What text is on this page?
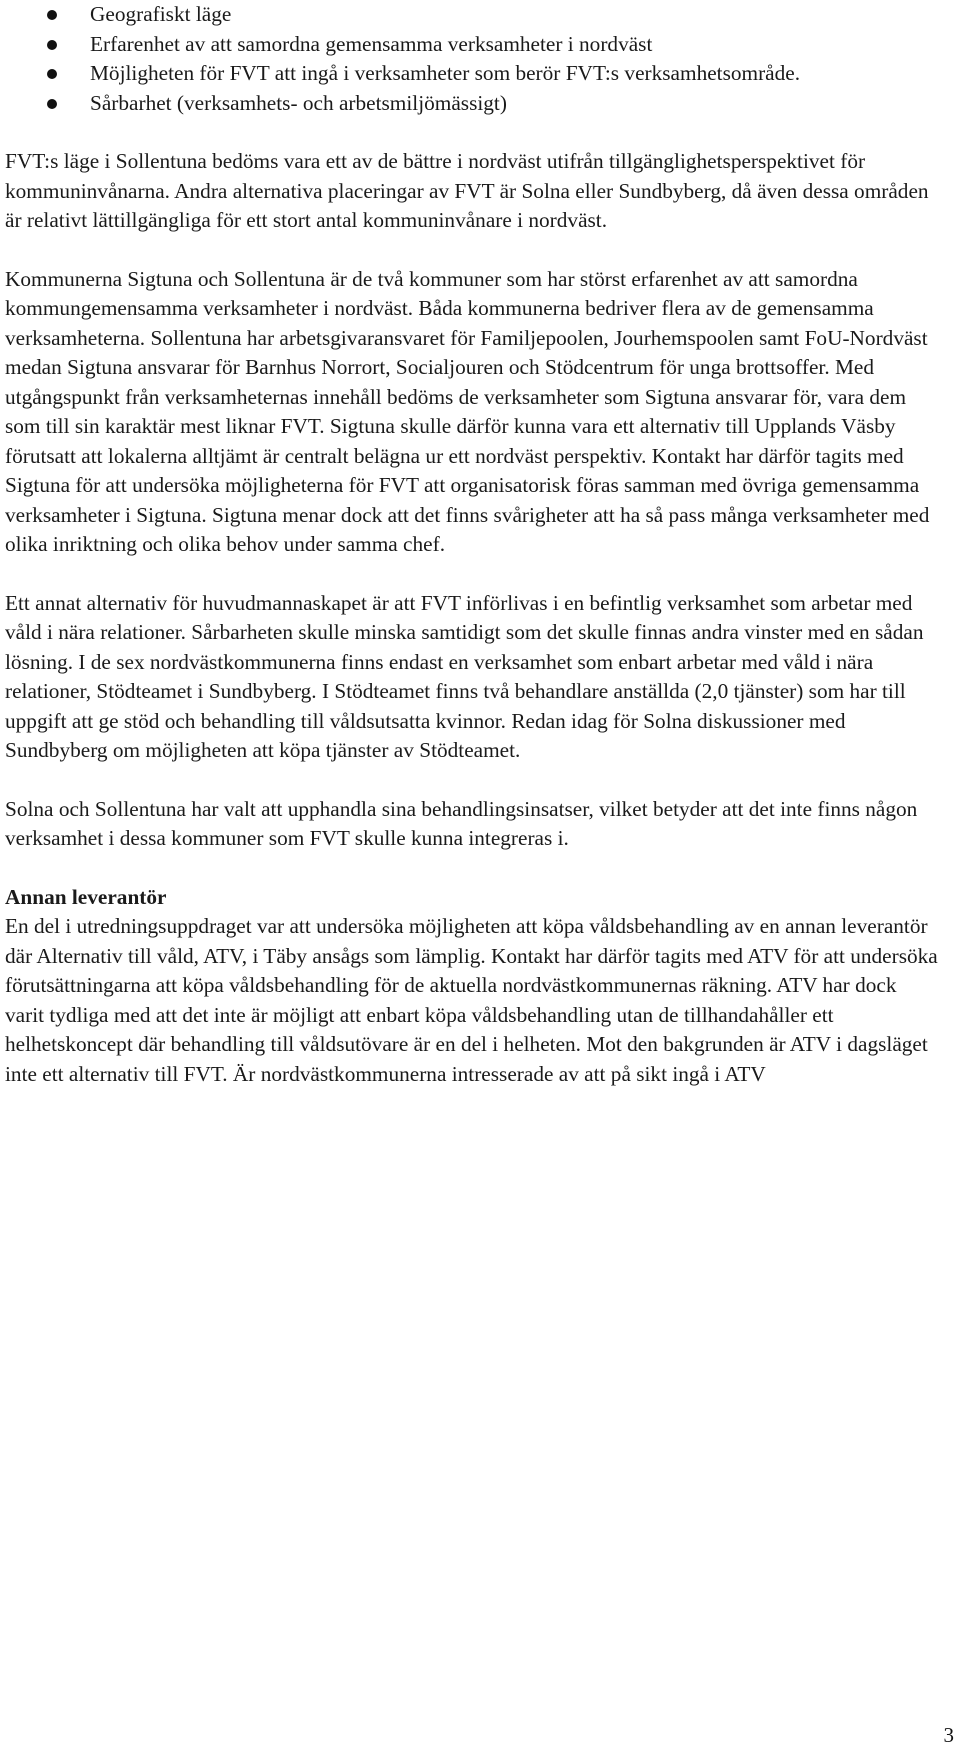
Geografiskt läge
Erfarenhet av att samordna gemensamma verksamheter i nordväst
Möjligheten för FVT att ingå i verksamheter som berör FVT:s verksamhetsområde.
Sårbarhet (verksamhets- och arbetsmiljömässigt)

FVT:s läge i Sollentuna bedöms vara ett av de bättre i nordväst utifrån tillgänglighetsperspektivet för kommuninvånarna. Andra alternativa placeringar av FVT är Solna eller Sundbyberg, då även dessa områden är relativt lättillgängliga för ett stort antal kommuninvånare i nordväst.

Kommunerna Sigtuna och Sollentuna är de två kommuner som har störst erfarenhet av att samordna kommungemensamma verksamheter i nordväst. Båda kommunerna bedriver flera av de gemensamma verksamheterna. Sollentuna har arbetsgivaransvaret för Familjepoolen, Jourhemspoolen samt FoU-Nordväst medan Sigtuna ansvarar för Barnhus Norrort, Socialjouren och Stödcentrum för unga brottsoffer. Med utgångspunkt från verksamheternas innehåll bedöms de verksamheter som Sigtuna ansvarar för, vara dem som till sin karaktär mest liknar FVT. Sigtuna skulle därför kunna vara ett alternativ till Upplands Väsby förutsatt att lokalerna alltjämt är centralt belägna ur ett nordväst perspektiv. Kontakt har därför tagits med Sigtuna för att undersöka möjligheterna för FVT att organisatorisk föras samman med övriga gemensamma verksamheter i Sigtuna. Sigtuna menar dock att det finns svårigheter att ha så pass många verksamheter med olika inriktning och olika behov under samma chef.

Ett annat alternativ för huvudmannaskapet är att FVT införlivas i en befintlig verksamhet som arbetar med våld i nära relationer. Sårbarheten skulle minska samtidigt som det skulle finnas andra vinster med en sådan lösning. I de sex nordvästkommunerna finns endast en verksamhet som enbart arbetar med våld i nära relationer, Stödteamet i Sundbyberg. I Stödteamet finns två behandlare anställda (2,0 tjänster) som har till uppgift att ge stöd och behandling till våldsutsatta kvinnor. Redan idag för Solna diskussioner med Sundbyberg om möjligheten att köpa tjänster av Stödteamet.

Solna och Sollentuna har valt att upphandla sina behandlingsinsatser, vilket betyder att det inte finns någon verksamhet i dessa kommuner som FVT skulle kunna integreras i.

Annan leverantör

En del i utredningsuppdraget var att undersöka möjligheten att köpa våldsbehandling av en annan leverantör där Alternativ till våld, ATV, i Täby ansågs som lämplig. Kontakt har därför tagits med ATV för att undersöka förutsättningarna att köpa våldsbehandling för de aktuella nordvästkommunernas räkning. ATV har dock varit tydliga med att det inte är möjligt att enbart köpa våldsbehandling utan de tillhandahåller ett helhetskoncept där behandling till våldsutövare är en del i helheten. Mot den bakgrunden är ATV i dagsläget inte ett alternativ till FVT. Är nordvästkommunerna intresserade av att på sikt ingå i ATV

3
